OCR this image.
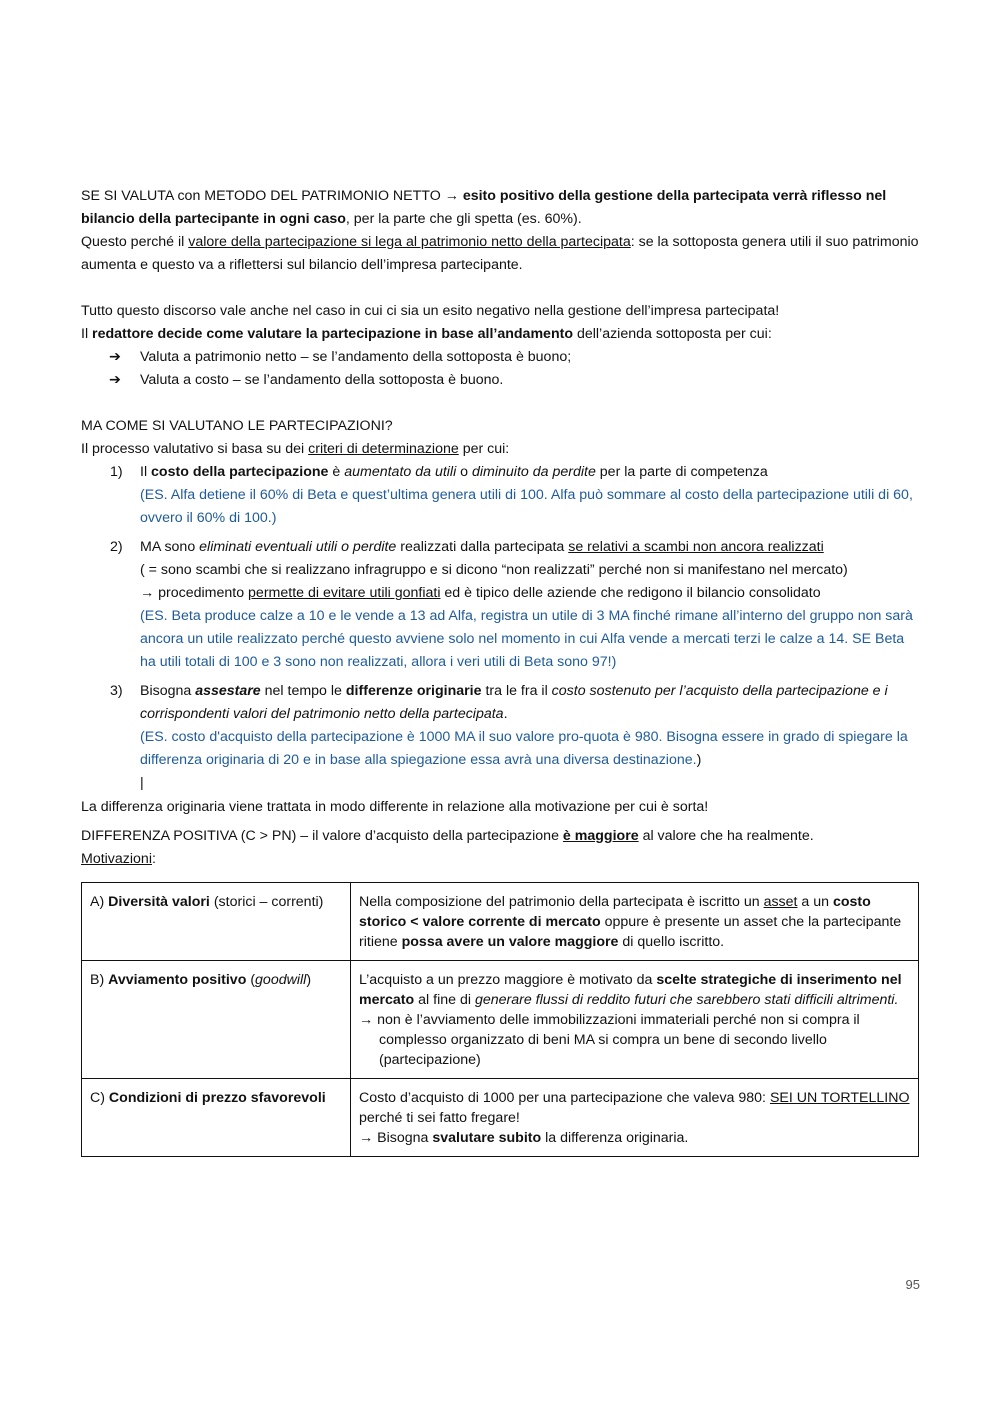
SE SI VALUTA con METODO DEL PATRIMONIO NETTO → esito positivo della gestione della partecipata verrà riflesso nel bilancio della partecipante in ogni caso, per la parte che gli spetta (es. 60%).

Questo perché il valore della partecipazione si lega al patrimonio netto della partecipata: se la sottoposta genera utili il suo patrimonio aumenta e questo va a riflettersi sul bilancio dell’impresa partecipante.

Tutto questo discorso vale anche nel caso in cui ci sia un esito negativo nella gestione dell’impresa partecipata!

Il redattore decide come valutare la partecipazione in base all’andamento dell’azienda sottoposta per cui:

➔ Valuta a patrimonio netto – se l’andamento della sottoposta è buono;
➔ Valuta a costo – se l’andamento della sottoposta è buono.

MA COME SI VALUTANO LE PARTECIPAZIONI?

Il processo valutativo si basa su dei criteri di determinazione per cui:

1) Il costo della partecipazione è aumentato da utili o diminuito da perdite per la parte di competenza

(ES. Alfa detiene il 60% di Beta e quest’ultima genera utili di 100. Alfa può sommare al costo della partecipazione utili di 60, ovvero il 60% di 100.)

2) MA sono eliminati eventuali utili o perdite realizzati dalla partecipata se relativi a scambi non ancora realizzati

( = sono scambi che si realizzano infragruppo e si dicono “non realizzati” perché non si manifestano nel mercato)

→ procedimento permette di evitare utili gonfiati ed è tipico delle aziende che redigono il bilancio consolidato

(ES. Beta produce calze a 10 e le vende a 13 ad Alfa, registra un utile di 3 MA finché rimane all’interno del gruppo non sarà ancora un utile realizzato perché questo avviene solo nel momento in cui Alfa vende a mercati terzi le calze a 14. SE Beta ha utili totali di 100 e 3 sono non realizzati, allora i veri utili di Beta sono 97!)

3) Bisogna assestare nel tempo le differenze originarie tra le fra il costo sostenuto per l’acquisto della partecipazione e i corrispondenti valori del patrimonio netto della partecipata.

(ES. costo d'acquisto della partecipazione è 1000 MA il suo valore pro-quota è 980. Bisogna essere in grado di spiegare la differenza originaria di 20 e in base alla spiegazione essa avrà una diversa destinazione.)

|

La differenza originaria viene trattata in modo differente in relazione alla motivazione per cui è sorta!

DIFFERENZA POSITIVA (C > PN) – il valore d’acquisto della partecipazione è maggiore al valore che ha realmente.

Motivazioni:

A) Diversità valori (storici – correnti)	Nella composizione del patrimonio della partecipata è iscritto un asset a un costo storico < valore corrente di mercato oppure è presente un asset che la partecipante ritiene possa avere un valore maggiore di quello iscritto.
B) Avviamento positivo (goodwill)	L’acquisto a un prezzo maggiore è motivato da scelte strategiche di inserimento nel mercato al fine di generare flussi di reddito futuri che sarebbero stati difficili altrimenti.
→ non è l’avviamento delle immobilizzazioni immateriali perché non si compra il complesso organizzato di beni MA si compra un bene di secondo livello (partecipazione)

C) Condizioni di prezzo sfavorevoli	Costo d’acquisto di 1000 per una partecipazione che valeva 980: SEI UN TORTELLINO perché ti sei fatto fregare!
→ Bisogna svalutare subito la differenza originaria.
95
